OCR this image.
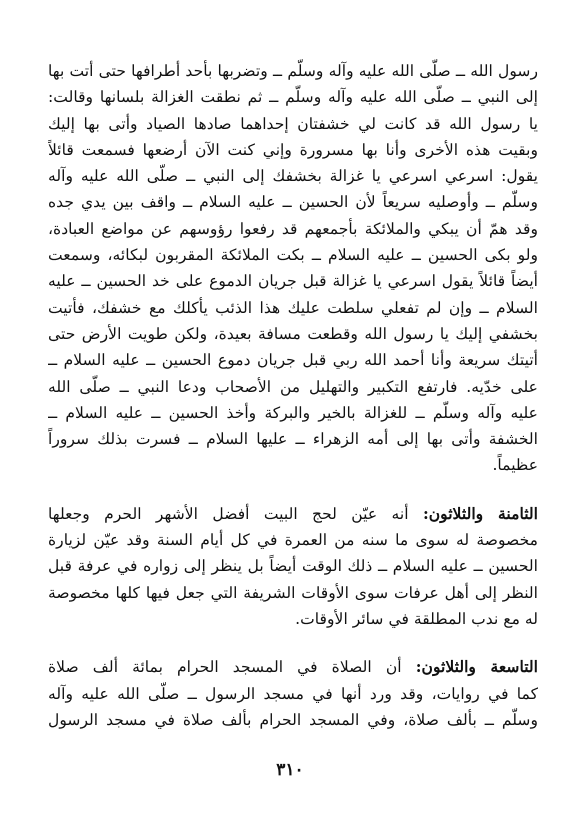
رسول الله ــ صلّى الله عليه وآله وسلّم ــ وتضربها بأحد أطرافها حتى أتت بها
إلى النبي ــ صلّى الله عليه وآله وسلّم ــ ثم نطقت الغزالة بلسانها وقالت:
يا رسول الله قد كانت لي خشفتان إحداهما صادها الصياد وأتى بها إليك
وبقيت هذه الأخرى وأنا بها مسرورة وإني كنت الآن أرضعها فسمعت قائلاً
يقول: اسرعي اسرعي يا غزالة بخشفك إلى النبي ــ صلّى الله عليه وآله
وسلّم ــ وأوصليه سريعاً لأن الحسين ــ عليه السلام ــ واقف بين يدي جده
وقد همّ أن يبكي والملائكة بأجمعهم قد رفعوا رؤوسهم عن مواضع العبادة،
ولو بكى الحسين ــ عليه السلام ــ بكت الملائكة المقربون لبكائه، وسمعت
أيضاً قائلاً يقول اسرعي يا غزالة قبل جريان الدموع على خد الحسين ــ عليه
السلام ــ وإن لم تفعلي سلطت عليك هذا الذئب يأكلك مع خشفك، فأتيت
بخشفي إليك يا رسول الله وقطعت مسافة بعيدة، ولكن طويت الأرض حتى
أتيتك سريعة وأنا أحمد الله ربي قبل جريان دموع الحسين ــ عليه السلام ــ
على خدّيه. فارتفع التكبير والتهليل من الأصحاب ودعا النبي ــ صلّى الله
عليه وآله وسلّم ــ للغزالة بالخير والبركة وأخذ الحسين ــ عليه السلام ــ
الخشفة وأتى بها إلى أمه الزهراء ــ عليها السلام ــ فسرت بذلك سروراً
عظيماً.
الثامنة والثلاثون: أنه عيّن لحج البيت أفضل الأشهر الحرم وجعلها
مخصوصة له سوى ما سنه من العمرة في كل أيام السنة وقد عيّن لزيارة
الحسين ــ عليه السلام ــ ذلك الوقت أيضاً بل ينظر إلى زواره في عرفة قبل
النظر إلى أهل عرفات سوى الأوقات الشريفة التي جعل فيها كلها مخصوصة
له مع ندب المطلقة في سائر الأوقات.
التاسعة والثلاثون: أن الصلاة في المسجد الحرام بمائة ألف صلاة
كما في روايات، وقد ورد أنها في مسجد الرسول ــ صلّى الله عليه وآله
وسلّم ــ بألف صلاة، وفي المسجد الحرام بألف صلاة في مسجد الرسول
٣١٠
